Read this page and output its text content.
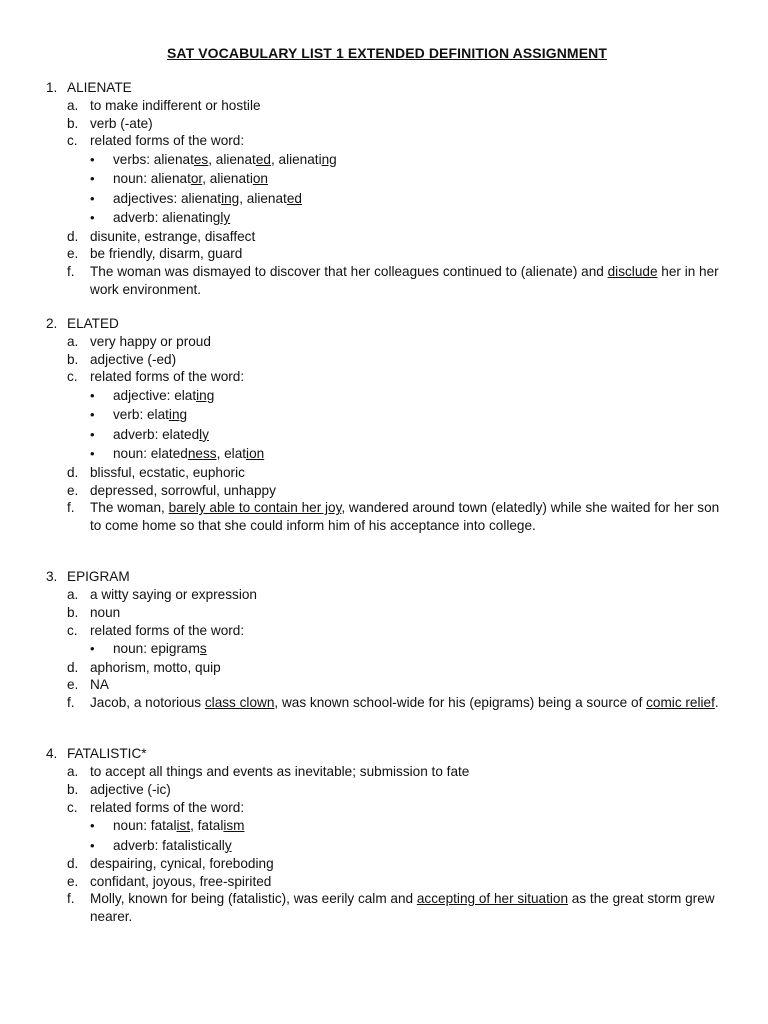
SAT VOCABULARY LIST 1 EXTENDED DEFINITION ASSIGNMENT
1. ALIENATE
a. to make indifferent or hostile
b. verb (-ate)
c. related forms of the word:
•	verbs: alienates, alienated, alienating
•	noun: alienator, alienation
•	adjectives: alienating, alienated
•	adverb: alienatingly
d. disunite, estrange, disaffect
e. be friendly, disarm, guard
f.	The woman was dismayed to discover that her colleagues continued to (alienate) and disclude her in her work environment.
2. ELATED
a. very happy or proud
b. adjective (-ed)
c. related forms of the word:
•	adjective: elating
•	verb: elating
•	adverb: elatedly
•	noun: elatedness, elation
d. blissful, ecstatic, euphoric
e. depressed, sorrowful, unhappy
f.	The woman, barely able to contain her joy, wandered around town (elatedly) while she waited for her son to come home so that she could inform him of his acceptance into college.
3. EPIGRAM
a. a witty saying or expression
b. noun
c. related forms of the word:
•	noun: epigrams
d. aphorism, motto, quip
e. NA
f.	Jacob, a notorious class clown, was known school-wide for his (epigrams) being a source of comic relief.
4. FATALISTIC*
a. to accept all things and events as inevitable; submission to fate
b. adjective (-ic)
c. related forms of the word:
•	noun: fatalist, fatalism
•	adverb: fatalistically
d. despairing, cynical, foreboding
e. confidant, joyous, free-spirited
f.	Molly, known for being (fatalistic), was eerily calm and accepting of her situation as the great storm grew nearer.
